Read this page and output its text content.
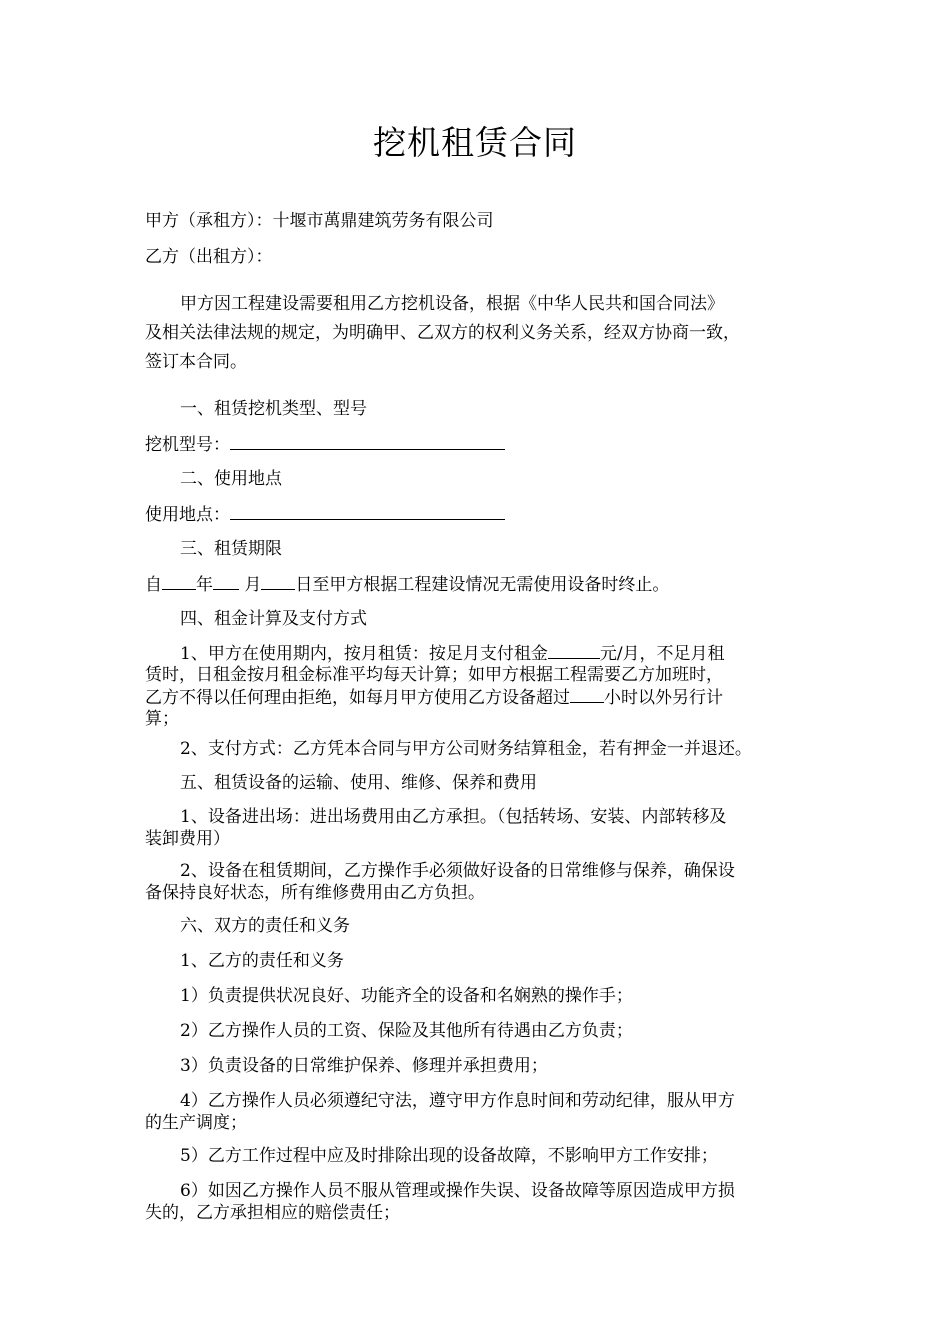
挖机租赁合同
甲方（承租方）：十堰市萬鼎建筑劳务有限公司
乙方（出租方）：
甲方因工程建设需要租用乙方挖机设备，根据《中华人民共和国合同法》
及相关法律法规的规定，为明确甲、乙双方的权利义务关系，经双方协商一致，
签订本合同。
一、租赁挖机类型、型号
挖机型号：
二、使用地点
使用地点：
三、租赁期限
自 年 月 日至甲方根据工程建设情况无需使用设备时终止。
四、租金计算及支付方式
1、甲方在使用期内，按月租赁：按足月支付租金	元/月，不足月租
赁时，日租金按月租金标准平均每天计算；如甲方根据工程需要乙方加班时，
乙方不得以任何理由拒绝，如每月甲方使用乙方设备超过 小时以外另行计
算；
2、支付方式：乙方凭本合同与甲方公司财务结算租金，若有押金一并退还。
五、租赁设备的运输、使用、维修、保养和费用
1、设备进出场：进出场费用由乙方承担。（包括转场、安装、内部转移及
装卸费用）
2、设备在租赁期间，乙方操作手必须做好设备的日常维修与保养，确保设
备保持良好状态，所有维修费用由乙方负担。
六、双方的责任和义务
1、乙方的责任和义务
1）负责提供状况良好、功能齐全的设备和名娴熟的操作手；
2）乙方操作人员的工资、保险及其他所有待遇由乙方负责；
3）负责设备的日常维护保养、修理并承担费用；
4）乙方操作人员必须遵纪守法，遵守甲方作息时间和劳动纪律，服从甲方
的生产调度；
5）乙方工作过程中应及时排除出现的设备故障，不影响甲方工作安排；
6）如因乙方操作人员不服从管理或操作失误、设备故障等原因造成甲方损
失的，乙方承担相应的赔偿责任；
